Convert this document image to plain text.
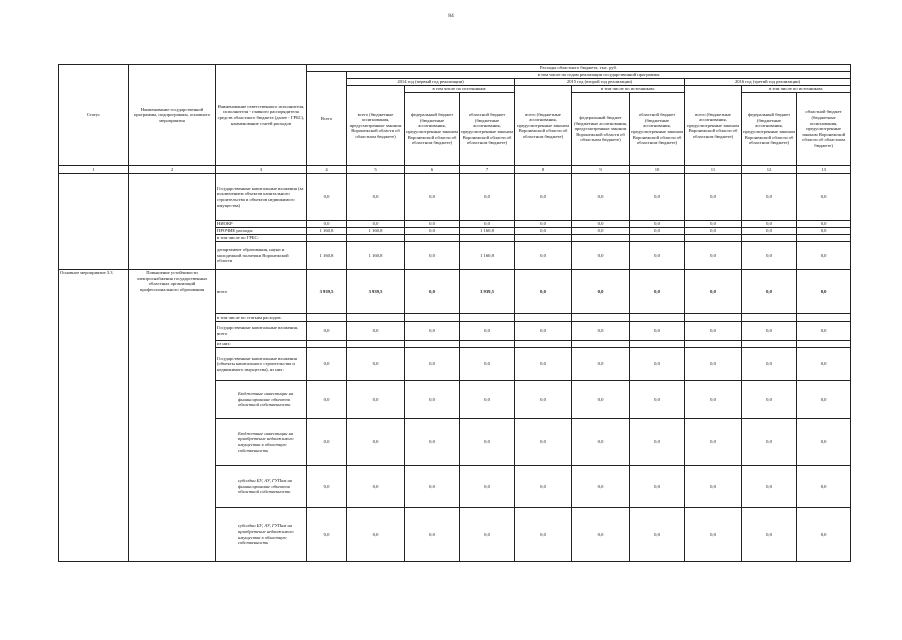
84
Статус	Наименование государственной программы, подпрограммы, основного мероприятия	Наименование ответственного исполнителя, исполнителя - главного распорядителя средств областного бюджета (далее - ГРБС), наименование статей расходов	Расходы областного бюджета, тыс. руб.									
			Всего	в том числе по годам реализации государственной программы								
				2014 год (первый год реализации)			2015 год (второй год реализации)			2016 год (третий год реализации)		
				всего (бюджетные ассигнования, предусмотренные законом Воронежской области об областном бюджете)	в том числе по источникам:		всего (бюджетные ассигнования, предусмотренные законом Воронежской области об областном бюджете)	в том числе по источникам:		всего (бюджетные ассигнования, предусмотренные законом Воронежской области об областном бюджете)	в том числе по источникам:	
					федеральный бюджет (бюджетные ассигнования, предусмотренные законом Воронежской области об областном бюджете)	областной бюджет (бюджетные ассигнования, предусмотренные законом Воронежской области об областном бюджете)		федеральный бюджет (бюджетные ассигнования, предусмотренные законом Воронежской области об областном бюджете)	областной бюджет (бюджетные ассигнования, предусмотренные законом Воронежской области об областном бюджете)		федеральный бюджет (бюджетные ассигнования, предусмотренные законом Воронежской области об областном бюджете)	областной бюджет (бюджетные ассигнования, предусмотренные законом Воронежской области об областном бюджете)
1	2	3	4	5	6	7	8	9	10	11	12	13
		Государственные капитальные вложения (за исключением объектов капитального строительства и объектов недвижимого имущества)	0,0	0,0	0,0	0,0	0,0	0,0	0,0	0,0	0,0	0,0
		НИОКР	0,0	0,0	0,0	0,0	0,0	0,0	0,0	0,0	0,0	0,0
		ПРОЧИЕ расходы	1 160,8	1 160,8	0,0	1 160,8	0,0	0,0	0,0	0,0	0,0	0,0
		в том числе по ГРБС:										
		департамент образования, науки и молодежной политики Воронежской области	1 160,8	1 160,8	0,0	1 160,8	0,0	0,0	0,0	0,0	0,0	0,0
Основное мероприятие 3.3	Повышение устойчивости электроснабжения государственных областных организаций профессионального образования	всего	3 939,5	3 939,5	0,0	3 939,5	0,0	0,0	0,0	0,0	0,0	0,0
		в том числе по статьям расходов:										
		Государственные капитальные вложения, всего	0,0	0,0	0,0	0,0	0,0	0,0	0,0	0,0	0,0	0,0
		из них:										
		Государственные капитальные вложения (объекты капитального строительства и недвижимого имущества), из них:	0,0	0,0	0,0	0,0	0,0	0,0	0,0	0,0	0,0	0,0
		Бюджетные инвестиции на финансирование объектов областной собственности	0,0	0,0	0,0	0,0	0,0	0,0	0,0	0,0	0,0	0,0
		Бюджетные инвестиции на приобретение недвижимого имущества в областную собственность	0,0	0,0	0,0	0,0	0,0	0,0	0,0	0,0	0,0	0,0
		субсидии БУ, АУ, ГУПам на финансирование объектов областной собственности	0,0	0,0	0,0	0,0	0,0	0,0	0,0	0,0	0,0	0,0
		субсидии БУ, АУ, ГУПам на приобретение недвижимого имущества в областную собственность	0,0	0,0	0,0	0,0	0,0	0,0	0,0	0,0	0,0	0,0
